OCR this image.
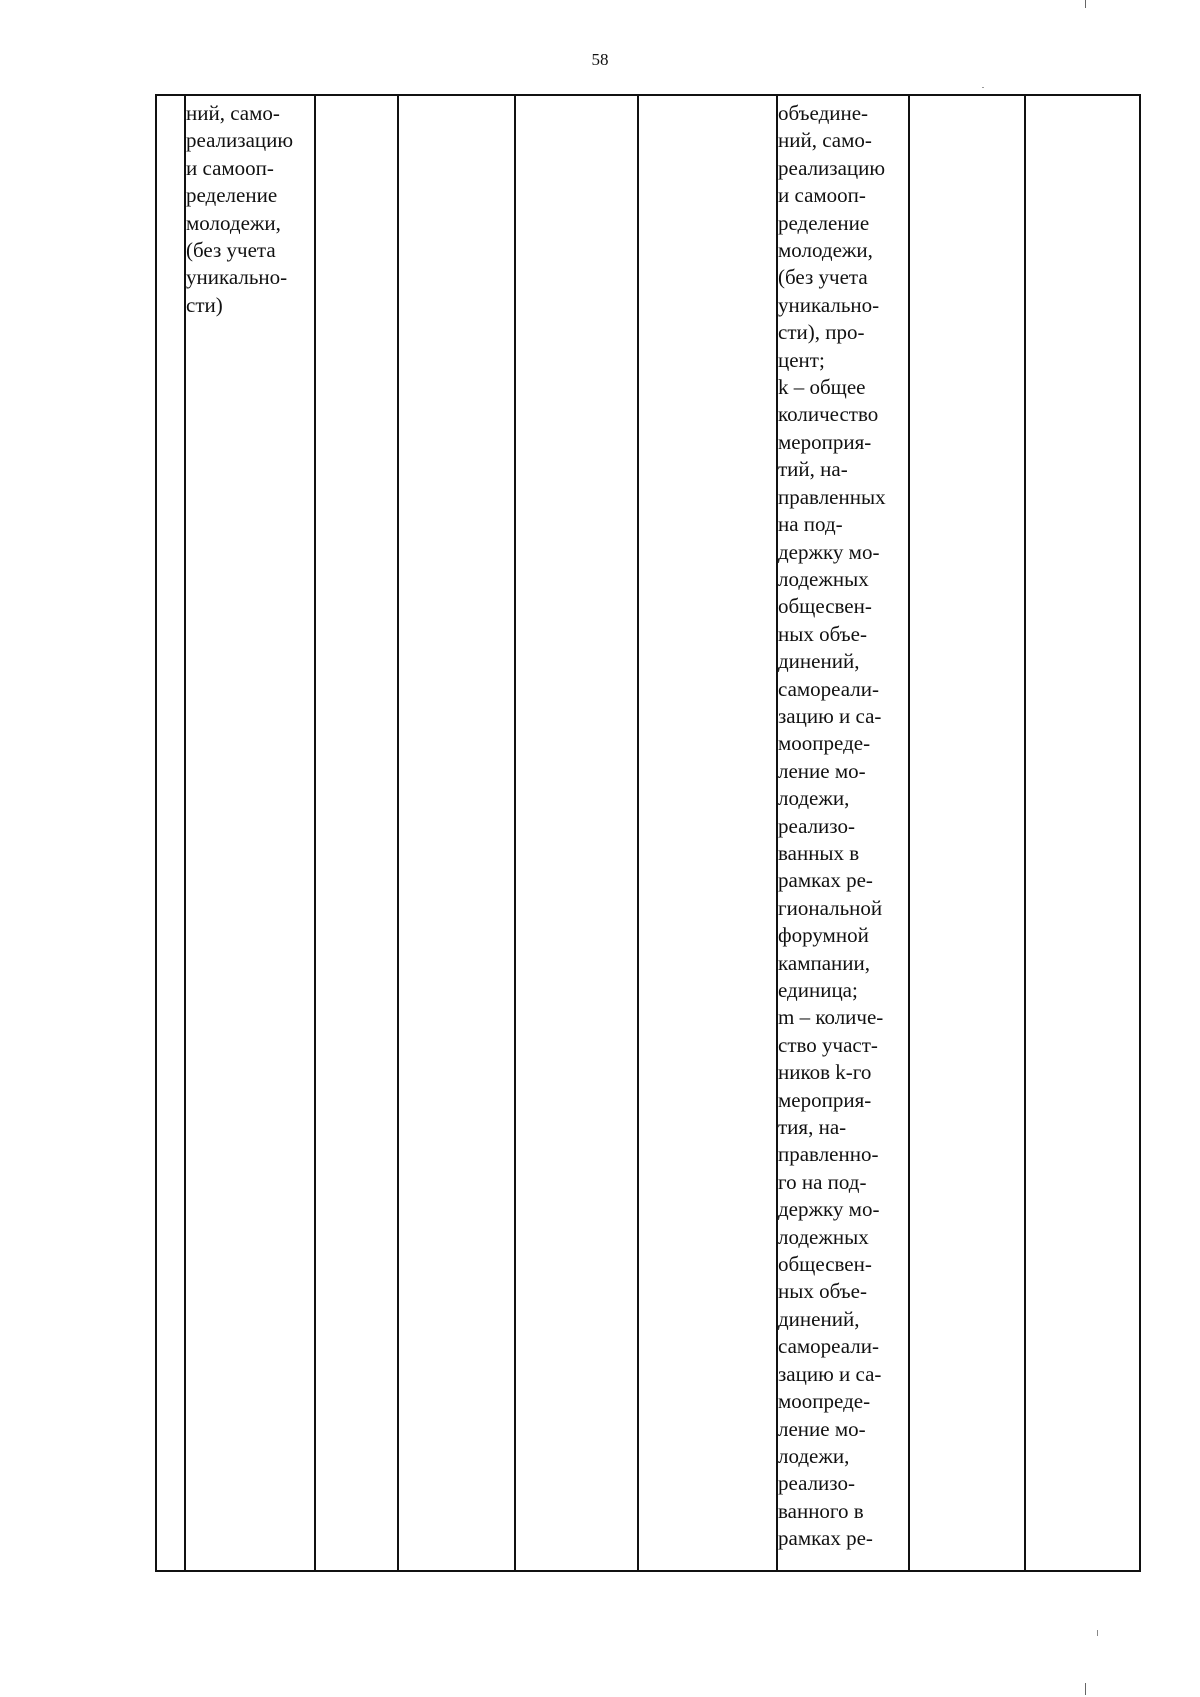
58
ний, само-
реализацию
и самооп-
ределение
молодежи,
(без учета
уникально-
сти)
объедине-
ний, само-
реализацию
и самооп-
ределение
молодежи,
(без учета
уникально-
сти), про-
цент;
k – общее
количество
мероприя-
тий, на-
правленных
на под-
держку мо-
лодежных
общесвен-
ных объе-
динений,
самореали-
зацию и са-
моопреде-
ление мо-
лодежи,
реализо-
ванных в
рамках ре-
гиональной
форумной
кампании,
единица;
m – количе-
ство участ-
ников k-го
мероприя-
тия, на-
правленно-
го на под-
держку мо-
лодежных
общесвен-
ных объе-
динений,
самореали-
зацию и са-
моопреде-
ление мо-
лодежи,
реализо-
ванного в
рамках ре-
